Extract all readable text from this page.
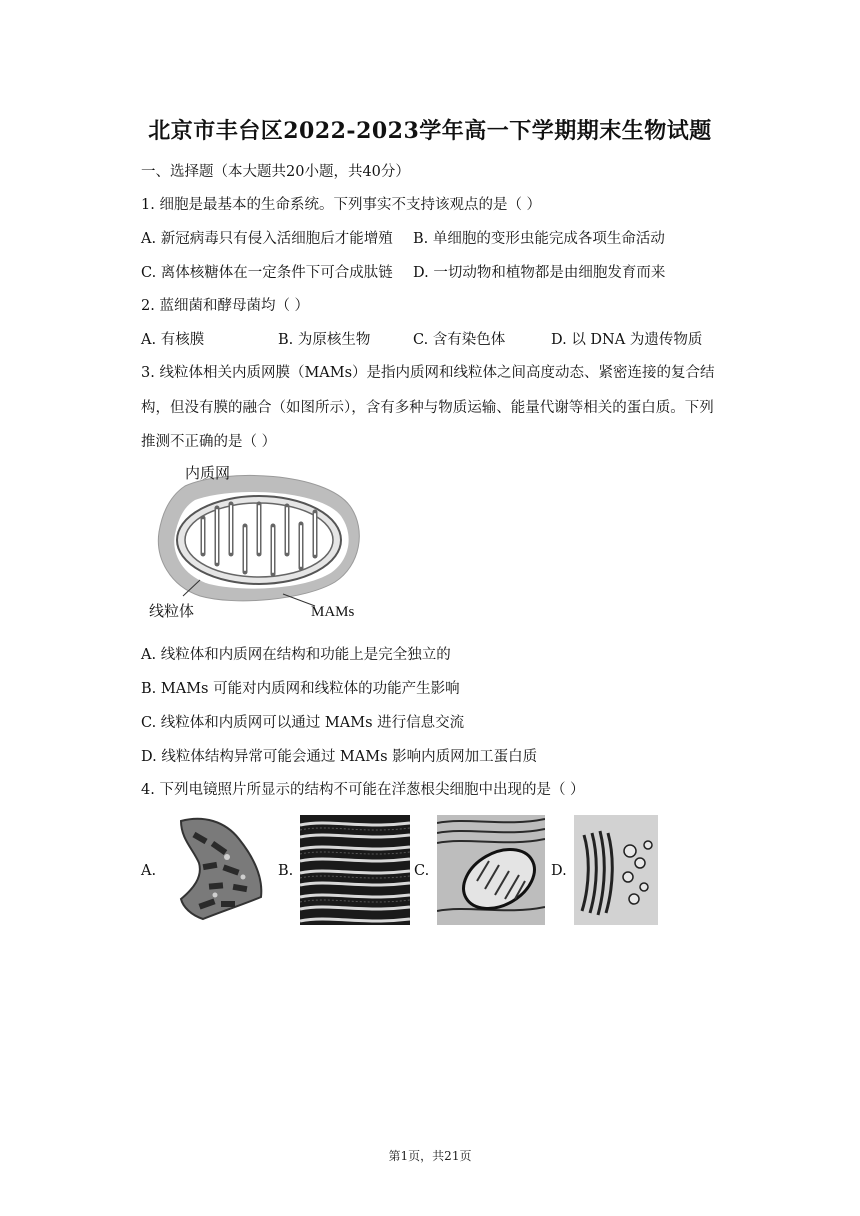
北京市丰台区2022-2023学年高一下学期期末生物试题
一、选择题（本大题共20小题，共40分）
1. 细胞是最基本的生命系统。下列事实不支持该观点的是（ ）
A. 新冠病毒只有侵入活细胞后才能增殖 B. 单细胞的变形虫能完成各项生命活动
C. 离体核糖体在一定条件下可合成肽链 D. 一切动物和植物都是由细胞发育而来
2. 蓝细菌和酵母菌均（ ）
A. 有核膜	B. 为原核生物	C. 含有染色体	D. 以 DNA 为遗传物质
3. 线粒体相关内质网膜（MAMs）是指内质网和线粒体之间高度动态、紧密连接的复合结
构，但没有膜的融合（如图所示），含有多种与物质运输、能量代谢等相关的蛋白质。下列
推测不正确的是（ ）
内质网
线粒体	MAMs
A. 线粒体和内质网在结构和功能上是完全独立的
B. MAMs 可能对内质网和线粒体的功能产生影响
C. 线粒体和内质网可以通过 MAMs 进行信息交流
D. 线粒体结构异常可能会通过 MAMs 影响内质网加工蛋白质
4. 下列电镜照片所显示的结构不可能在洋葱根尖细胞中出现的是（ ）
A.	B.	C.	D.
第1页，共21页
